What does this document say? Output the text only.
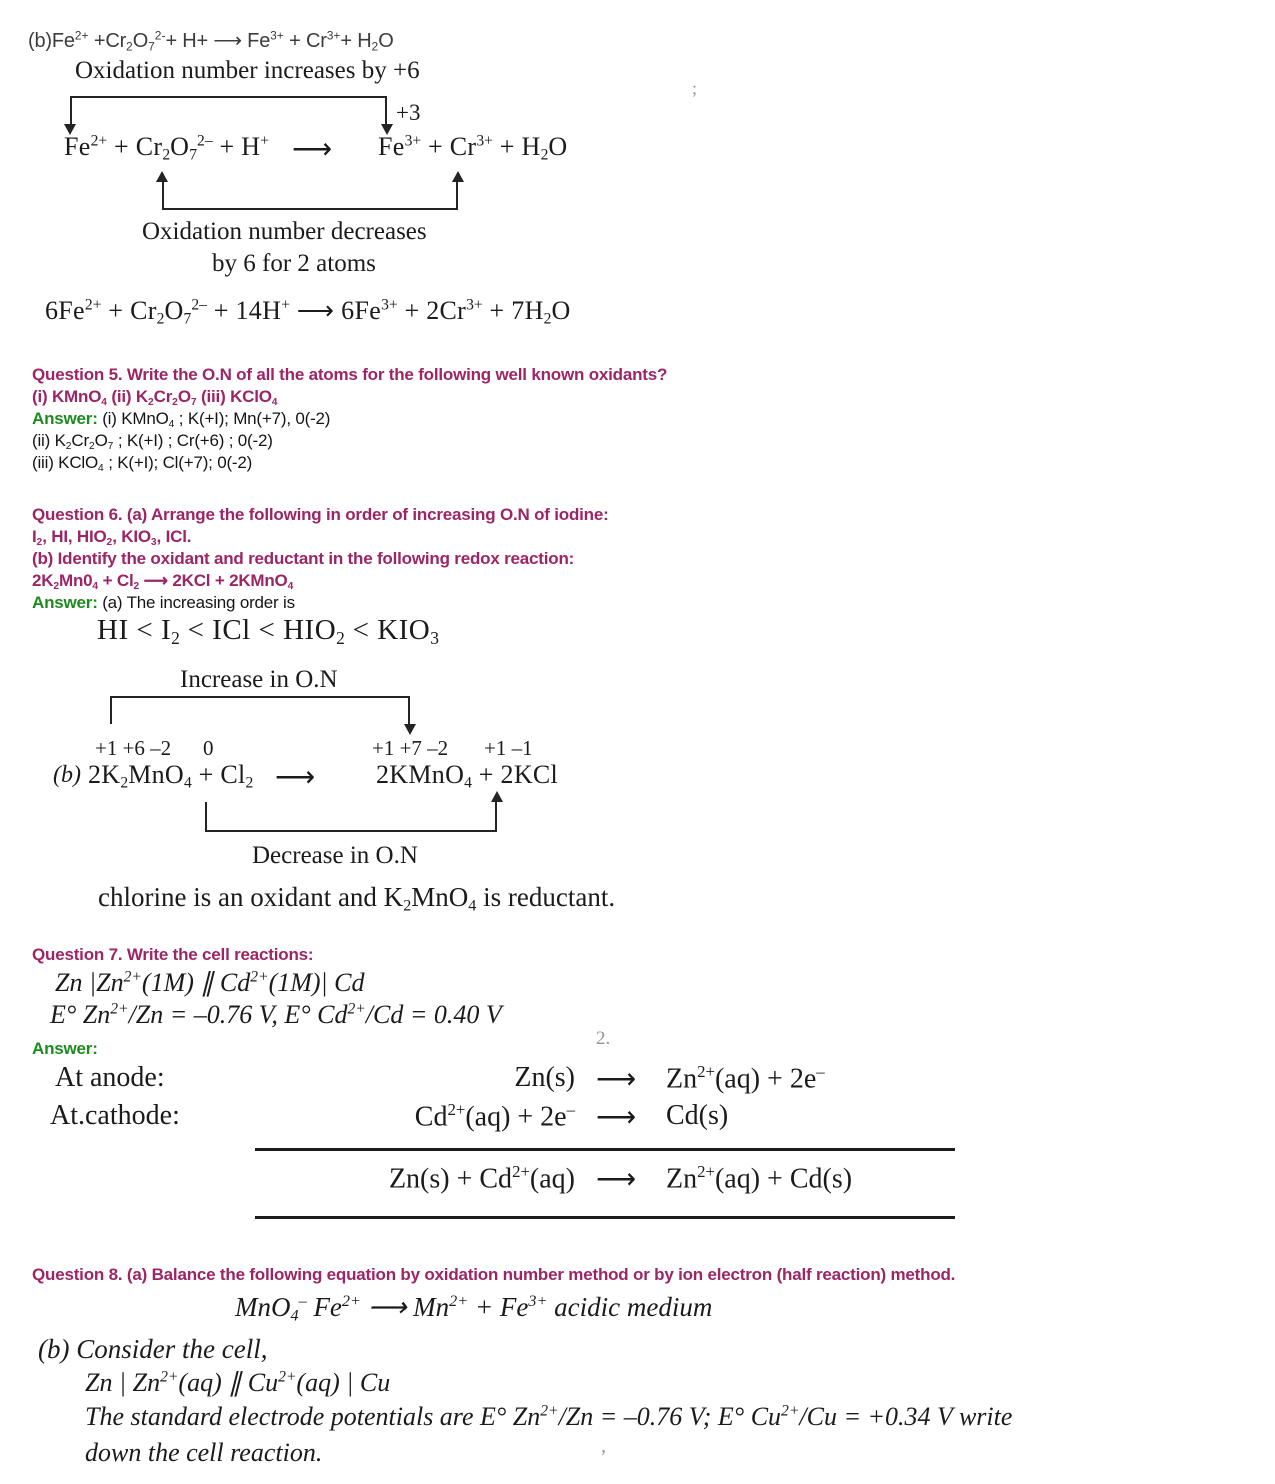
$(b)Fe^{2+} +Cr_2O_7^{2-}+ H+$ ⟶ $Fe^{3+} + Cr^{3+}+ H_2O$
Oxidation number increases by +6
+3
$Fe^{2+} + Cr_2O_7^{2-} + H^+$ ⟶ $Fe^{3+} + Cr^{3+} + H_2O$
Oxidation number decreases
by 6 for 2 atoms
$6Fe^{2+} + Cr_2O_7^{2-} + 14H^+$ ⟶ $6Fe^{3+} + 2Cr^{3+} + 7H_2O$
Question 5. Write the O.N of all the atoms for the following well known oxidants?
(i) KMnO$_4$ (ii) $K_2Cr_2O_7$ (iii) KClO$_4$
Answer: (i) KMnO$_4$ ; K(+I); Mn(+7), 0(-2)
(ii) $K_2Cr_2O_7$ ; K(+I) ; Cr(+6) ; 0(-2)
(iii) KClO$_4$ ; K(+I); Cl(+7); 0(-2)
Question 6. (a) Arrange the following in order of increasing O.N of iodine:
$I_2$, HI, $HIO_2$, $KIO_3$, ICl.
(b) Identify the oxidant and reductant in the following redox reaction:
$2K_2Mn0_4 + Cl_2$ ⟶ 2KCl + 2KMnO$_4$
Answer: (a) The increasing order is
HI < $I_2$ < ICl < $HIO_2 < KIO_3$
Increase in O.N
+1 +6 –2 0	+1 +7 –2 +1 –1
(b) $2K_2MnO_4 + Cl_2$ ⟶ 2KMnO$_4$ + 2KCl
Decrease in O.N
chlorine is an oxidant and $K_2MnO_4$ is reductant.
Question 7. Write the cell reactions:
Zn $|Zn^{2+}(1M)$ ∥ $Cd^{2+}(1M)|$ Cd
E° $Zn^{2+}/Zn = -0.76$ V, E° $Cd^{2+}/Cd = 0.40$ V
Answer:
At anode:	Zn(s) ⟶ $Zn^{2+}(aq) + 2e^-$
At.cathode:	$Cd^{2+}(aq) + 2e^-$ ⟶ Cd(s)
$Zn(s) + Cd^{2+}(aq)$ ⟶ $Zn^{2+}(aq) + Cd(s)$
Question 8. (a) Balance the following equation by oxidation number method or by ion electron (half reaction) method.
MnO$_4$– $Fe^{2+}$ ⟶ $Mn^{2+} + Fe^{3+}$ acidic medium
(b) Consider the cell,
Zn | $Zn^{2+}(aq)$ ∥ $Cu^{2+}(aq)$ | Cu
The standard electrode potentials are E° $Zn^{2+}/Zn = -0.76$ V; E° $Cu^{2+}/Cu = +0.34$ V write
down the cell reaction.
;
2.
’
